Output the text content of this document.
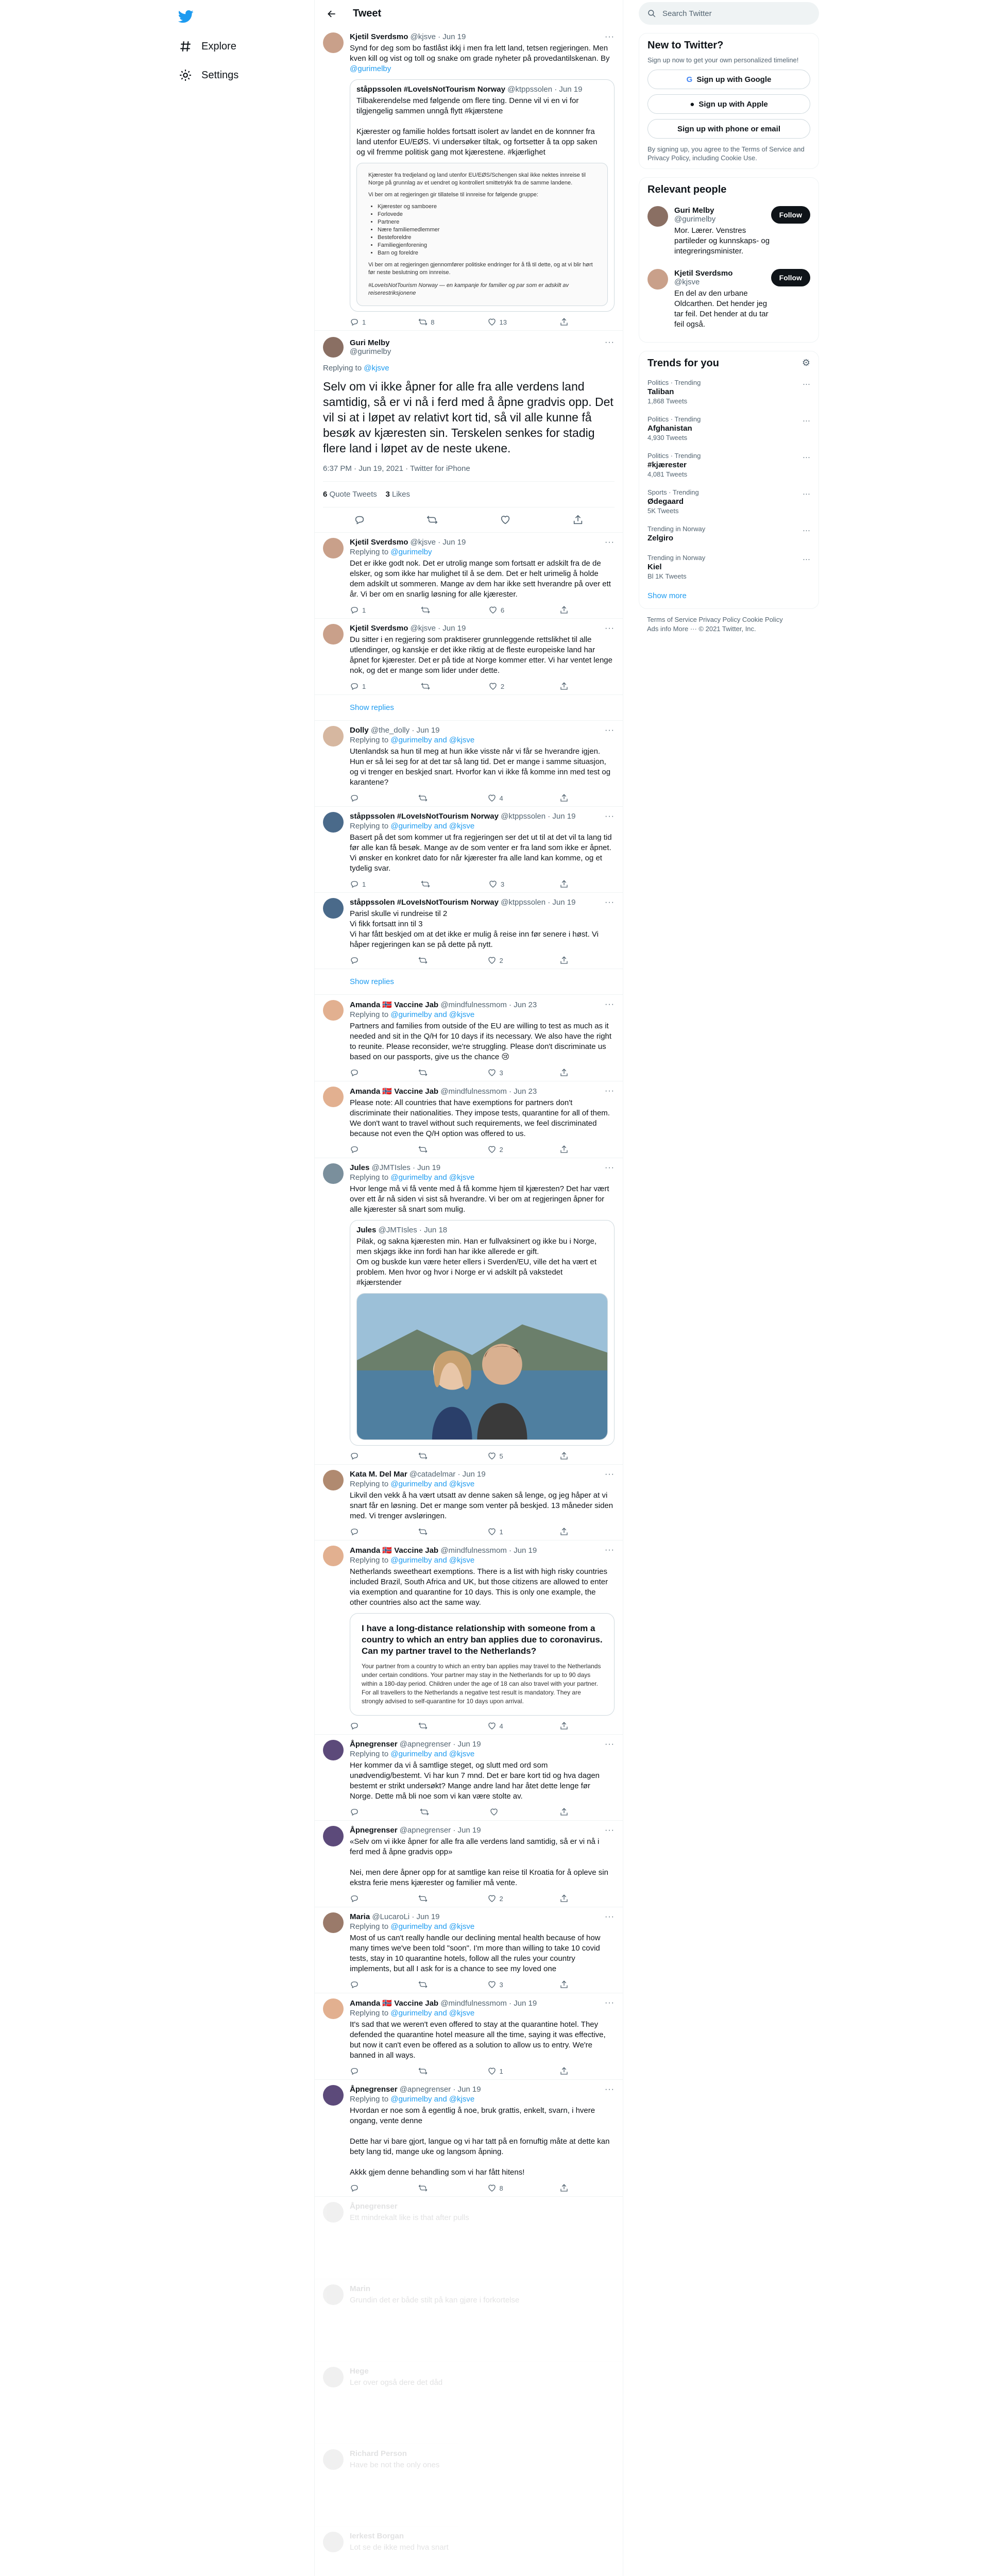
Explore
Settings
Tweet
Kjetil Sverdsmo @kjsve · Jun 19
Synd for deg som bo fastlåst ikkj i men fra lett land, tetsen regjeringen. Men kven kill og vist og toll og snake om grade nyheter på provedantilskenan. By @gurimelby
ståppssolen #LoveIsNotTourism Norway @ktppssolen · Jun 19
Tilbakerendelse med følgende om flere ting. Denne vil vi en vi for tilgjengelig sammen unngå flytt #kjærstene

Kjærester og familie holdes fortsatt isolert av landet en de konnner fra land utenfor EU/EØS. Vi undersøker tiltak, og fortsetter å ta opp saken og vil fremme politisk gang mot kjærestene. #kjærlighet
Kjærester fra tredjeland og land utenfor EU/EØS/Schengen skal ikke nektes innreise til Norge på grunnlag av et uendret og kontrollert smittetrykk fra de samme landene.
Vi ber om at regjeringen gir tillatelse til innreise for følgende gruppe:
• Kjærester og samboere
• Forlovede
• Partnere
• Nære familiemedlemmer
• Besteforeldre
• Familiegjenforening
• Barn og foreldre
Vi ber om at regjeringen gjennomfører politiske endringer for å få til dette, og at vi blir hørt før neste beslutning om innreise.
#LoveIsNotTourism Norway — en kampanje for familier og par som er adskilt av reiserestriksjonene
1	8	13
···
Guri Melby
@gurimelby
···
Replying to @kjsve
Selv om vi ikke åpner for alle fra alle verdens land samtidig, så er vi nå i ferd med å åpne gradvis opp. Det vil si at i løpet av relativt kort tid, så vil alle kunne få besøk av kjæresten sin. Terskelen senkes for stadig flere land i løpet av de neste ukene.
6:37 PM · Jun 19, 2021 · Twitter for iPhone
6 Quote Tweets 3 Likes
Kjetil Sverdsmo @kjsve · Jun 19
Replying to @gurimelby
Det er ikke godt nok. Det er utrolig mange som fortsatt er adskilt fra de de elsker, og som ikke har mulighet til å se dem. Det er helt urimelig å holde dem adskilt ut sommeren. Mange av dem har ikke sett hverandre på over ett år. Vi ber om en snarlig løsning for alle kjærester.
1	6
···
Kjetil Sverdsmo @kjsve · Jun 19
Du sitter i en regjering som praktiserer grunnleggende rettslikhet til alle utlendinger, og kanskje er det ikke riktig at de fleste europeiske land har åpnet for kjærester. Det er på tide at Norge kommer etter. Vi har ventet lenge nok, og det er mange som lider under dette.
1	2
···
Show replies
Dolly @the_dolly · Jun 19
Replying to @gurimelby and @kjsve
Utenlandsk sa hun til meg at hun ikke visste når vi får se hverandre igjen. Hun er så lei seg for at det tar så lang tid. Det er mange i samme situasjon, og vi trenger en beskjed snart. Hvorfor kan vi ikke få komme inn med test og karantene?
4
···
ståppssolen #LoveIsNotTourism Norway @ktppssolen · Jun 19
Replying to @gurimelby and @kjsve
Basert på det som kommer ut fra regjeringen ser det ut til at det vil ta lang tid før alle kan få besøk. Mange av de som venter er fra land som ikke er åpnet. Vi ønsker en konkret dato for når kjærester fra alle land kan komme, og et tydelig svar.
1	3
···
ståppssolen #LoveIsNotTourism Norway @ktppssolen · Jun 19
Parisl skulle vi rundreise til 2
Vi fikk fortsatt inn til 3
Vi har fått beskjed om at det ikke er mulig å reise inn før senere i høst. Vi håper regjeringen kan se på dette på nytt.
2
···
Show replies
Amanda 🇳🇴 Vaccine Jab @mindfulnessmom · Jun 23
Replying to @gurimelby and @kjsve
Partners and families from outside of the EU are willing to test as much as it needed and sit in the Q/H for 10 days if its necessary. We also have the right to reunite. Please reconsider, we're struggling. Please don't discriminate us based on our passports, give us the chance 😢
3
···
Amanda 🇳🇴 Vaccine Jab @mindfulnessmom · Jun 23
Please note: All countries that have exemptions for partners don't discriminate their nationalities. They impose tests, quarantine for all of them. We don't want to travel without such requirements, we feel discriminated because not even the Q/H option was offered to us.
2
···
Jules @JMTIsles · Jun 19
Replying to @gurimelby and @kjsve
Hvor lenge må vi få vente med å få komme hjem til kjæresten? Det har vært over ett år nå siden vi sist så hverandre. Vi ber om at regjeringen åpner for alle kjærester så snart som mulig.
Jules @JMTIsles · Jun 18
Pilak, og sakna kjæresten min. Han er fullvaksinert og ikke bu i Norge, men skjøgs ikke inn fordi han har ikke allerede er gift.
Om og buskde kun være heter ellers i Sverden/EU, ville det ha vært et problem. Men hvor og hvor i Norge er vi adskilt på vakstedet
#kjærstender
5
···
Kata M. Del Mar @catadelmar · Jun 19
Replying to @gurimelby and @kjsve
Likvil den vekk å ha vært utsatt av denne saken så lenge, og jeg håper at vi snart får en løsning. Det er mange som venter på beskjed. 13 måneder siden med. Vi trenger avsløringen.
1
···
Amanda 🇳🇴 Vaccine Jab @mindfulnessmom · Jun 19
Replying to @gurimelby and @kjsve
Netherlands sweetheart exemptions. There is a list with high risky countries included Brazil, South Africa and UK, but those citizens are allowed to enter via exemption and quarantine for 10 days. This is only one example, the other countries also act the same way.
I have a long-distance relationship with someone from a country to which an entry ban applies due to coronavirus. Can my partner travel to the Netherlands?

Your partner from a country to which an entry ban applies may travel to the Netherlands under certain conditions. Your partner may stay in the Netherlands for up to 90 days within a 180-day period. Children under the age of 18 can also travel with your partner. For all travellers to the Netherlands a negative test result is mandatory. They are strongly advised to self-quarantine for 10 days upon arrival.

4
···
Åpnegrenser @apnegrenser · Jun 19
Replying to @gurimelby and @kjsve
Her kommer da vi å samtlige steget, og slutt med ord som unødvendig/bestemt. Vi har kun 7 mnd. Det er bare kort tid og hva dagen bestemt er strikt undersøkt? Mange andre land har åtet dette lenge før Norge. Dette må bli noe som vi kan være stolte av.
···
Åpnegrenser @apnegrenser · Jun 19
«Selv om vi ikke åpner for alle fra alle verdens land samtidig, så er vi nå i ferd med å åpne gradvis opp»

Nei, men dere åpner opp for at samtlige kan reise til Kroatia for å opleve sin ekstra ferie mens kjærester og familier må vente.
2
···
Maria @LucaroLi · Jun 19
Replying to @gurimelby and @kjsve
Most of us can't really handle our declining mental health because of how many times we've been told "soon". I'm more than willing to take 10 covid tests, stay in 10 quarantine hotels, follow all the rules your country implements, but all I ask for is a chance to see my loved one
3
···
Amanda 🇳🇴 Vaccine Jab @mindfulnessmom · Jun 19
Replying to @gurimelby and @kjsve
It's sad that we weren't even offered to stay at the quarantine hotel. They defended the quarantine hotel measure all the time, saying it was effective, but now it can't even be offered as a solution to allow us to entry. We're banned in all ways.
1
···
Åpnegrenser @apnegrenser · Jun 19
Replying to @gurimelby and @kjsve
Hvordan er noe som å egentlig å noe, bruk grattis, enkelt, svarn, i hvere ongang, vente denne

Dette har vi bare gjort, langue og vi har tatt på en fornuftig måte at dette kan bety lang tid, mange uke og langsom åpning.

Akkk gjem denne behandling som vi har fått hitens!
8
···
Åpnegrenser
Ett mindrekalt like is that after pulls
Marin
Grundin det er både stilt på kan gjøre i forkortelse
Hege
Ler over også dere det dåd
Richard Person
Have be not the only ones
Ierkest Borgan
Lot se de ikke med hva snart
Search Twitter
New to Twitter?
Sign up now to get your own personalized timeline!
G Sign up with Google
● Sign up with Apple
Sign up with phone or email
By signing up, you agree to the Terms of Service and Privacy Policy, including Cookie Use.
Relevant people
Guri Melby
@gurimelby
Mor. Lærer. Venstres partileder og kunnskaps- og integreringsminister.
Follow
Kjetil Sverdsmo
@kjsve
En del av den urbane Oldcarthen. Det hender jeg tar feil. Det hender at du tar feil også.
Follow
Trends for you	⚙
Politics · Trending
Taliban
1,868 Tweets
···
Politics · Trending
Afghanistan
4,930 Tweets
···
Politics · Trending
#kjærester
4,081 Tweets
···
Sports · Trending
Ødegaard
5K Tweets
···
Trending in Norway
Zelgiro
···
Trending in Norway
Kiel
Bl 1K Tweets
···
Show more
Terms of Service Privacy Policy Cookie Policy
Ads info More ··· © 2021 Twitter, Inc.
